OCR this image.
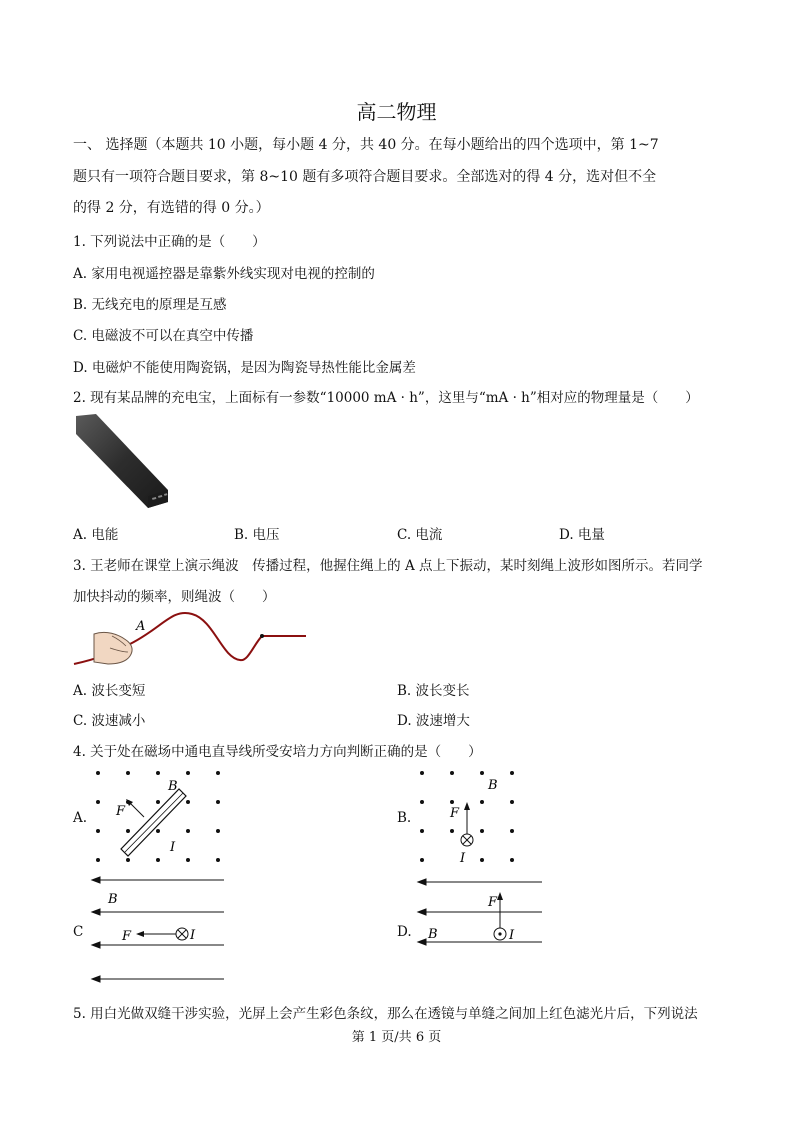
高二物理
一、 选择题（本题共 10 小题，每小题 4 分，共 40 分。在每小题给出的四个选项中，第 1~7
题只有一项符合题目要求，第 8~10 题有多项符合题目要求。全部选对的得 4 分，选对但不全
的得 2 分，有选错的得 0 分。）
1. 下列说法中正确的是（　　）
A. 家用电视遥控器是靠紫外线实现对电视的控制的
B. 无线充电的原理是互感
C. 电磁波不可以在真空中传播
D. 电磁炉不能使用陶瓷锅，是因为陶瓷导热性能比金属差
2. 现有某品牌的充电宝，上面标有一参数“10000 mA · h”，这里与“mA · h”相对应的物理量是（　　）
A. 电能	B. 电压	C. 电流	D. 电量
3. 王老师在课堂上演示绳波　传播过程，他握住绳上的 A 点上下振动，某时刻绳上波形如图所示。若同学
加快抖动的频率，则绳波（　　）
A
A. 波长变短	B. 波长变长
C. 波速减小	D. 波速增大
4. 关于处在磁场中通电直导线所受安培力方向判断正确的是（　　）
A.	B.
C	D.
F
B
I
F
B
I
B
F	I
F
B	I
5. 用白光做双缝干涉实验，光屏上会产生彩色条纹，那么在透镜与单缝之间加上红色滤光片后，下列说法
第 1 页/共 6 页
